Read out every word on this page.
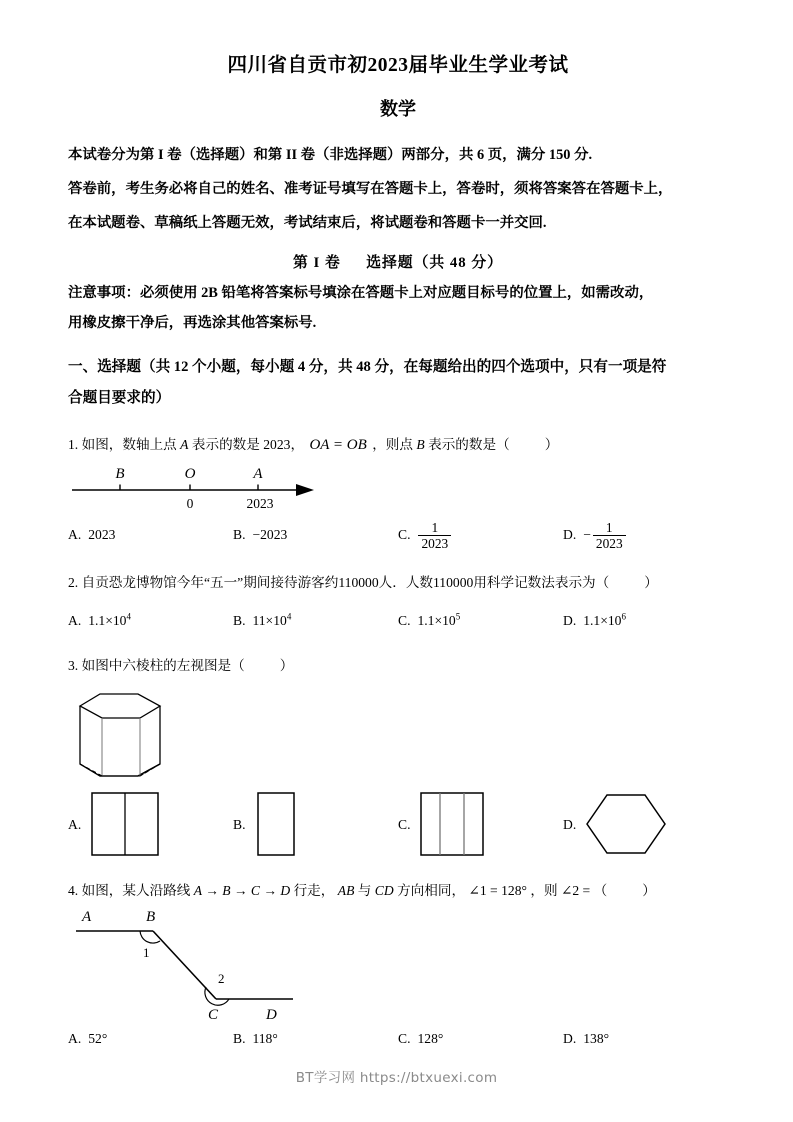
四川省自贡市初2023届毕业生学业考试
数学

本试卷分为第 I 卷（选择题）和第 II 卷（非选择题）两部分，共 6 页，满分 150 分.

答卷前，考生务必将自己的姓名、准考证号填写在答题卡上，答卷时，须将答案答在答题卡上，

在本试题卷、草稿纸上答题无效，考试结束后，将试题卷和答题卡一并交回.

第 I 卷 选择题（共 48 分）

注意事项：必须使用 2B 铅笔将答案标号填涂在答题卡上对应题目标号的位置上，如需改动，

用橡皮擦干净后，再选涂其他答案标号.

一、选择题（共 12 个小题，每小题 4 分，共 48 分，在每题给出的四个选项中，只有一项是符

合题目要求的）

1. 如图，数轴上点 A 表示的数是 2023， OA = OB ，则点 B 表示的数是（	）
B	O	A
0	2023
A. 2023	B. −2023	C. $\frac{1}{2023}$	D. − $\frac{1}{2023}$
2. 自贡恐龙博物馆今年“五一”期间接待游客约110000人．人数110000用科学记数法表示为（	）
A. $1.1\times 10^4$	B. $11\times 10^4$	C. $1.1\times 10^5$	D. $1.1\times 10^6$
3. 如图中六棱柱的左视图是（	）
A.	B.	C.	D.
4. 如图，某人沿路线 A → B → C → D 行走， AB 与 CD 方向相同， ∠1 = 128° ，则 ∠2 = （	）
A	B
C	D
1
2
A. 52°	B. 118°	C. 128°	D. 138°
BT学习网 https://btxuexi.com
